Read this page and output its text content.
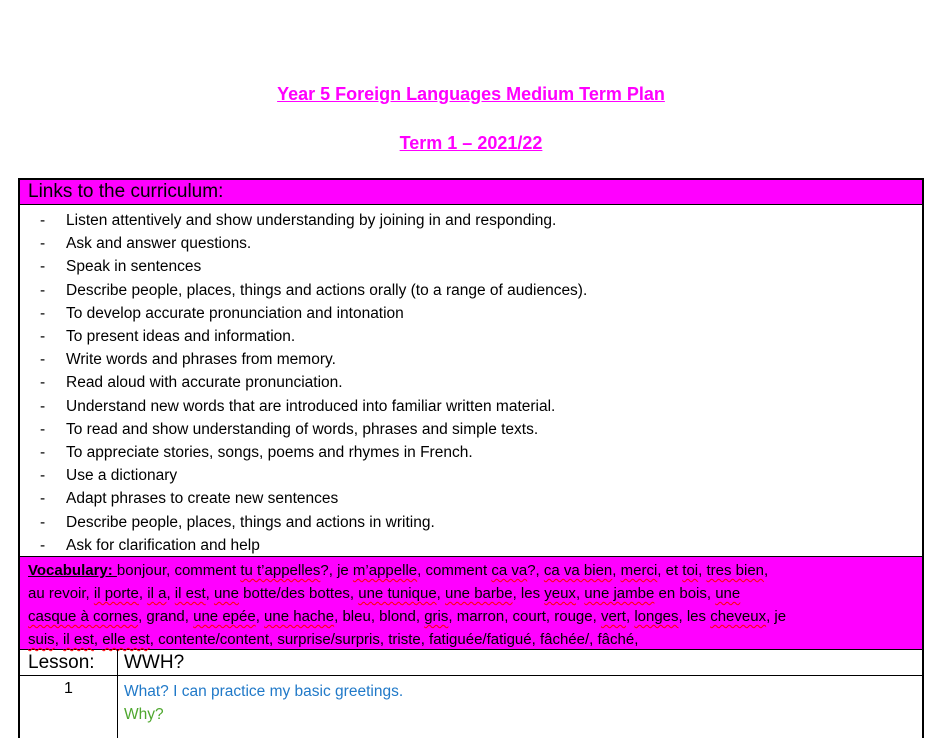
Year 5 Foreign Languages Medium Term Plan
Term 1 – 2021/22
Links to the curriculum:
- Listen attentively and show understanding by joining in and responding.
- Ask and answer questions.
- Speak in sentences
- Describe people, places, things and actions orally (to a range of audiences).
- To develop accurate pronunciation and intonation
- To present ideas and information.
- Write words and phrases from memory.
- Read aloud with accurate pronunciation.
- Understand new words that are introduced into familiar written material.
- To read and show understanding of words, phrases and simple texts.
- To appreciate stories, songs, poems and rhymes in French.
- Use a dictionary
- Adapt phrases to create new sentences
- Describe people, places, things and actions in writing.
- Ask for clarification and help
Vocabulary: bonjour, comment tu t’appelles?, je m’appelle, comment ca va?, ca va bien, merci, et toi, tres bien,
au revoir, il porte, il a, il est, une botte/des bottes, une tunique, une barbe, les yeux, une jambe en bois, une
casque à cornes, grand, une epée, une hache, bleu, blond, gris, marron, court, rouge, vert, longes, les cheveux, je
suis, il est, elle est, contente/content, surprise/surpris, triste, fatiguée/fatigué, fâchée/, fâché,
Lesson:	WWH?
1	What? I can practice my basic greetings.
Why?
